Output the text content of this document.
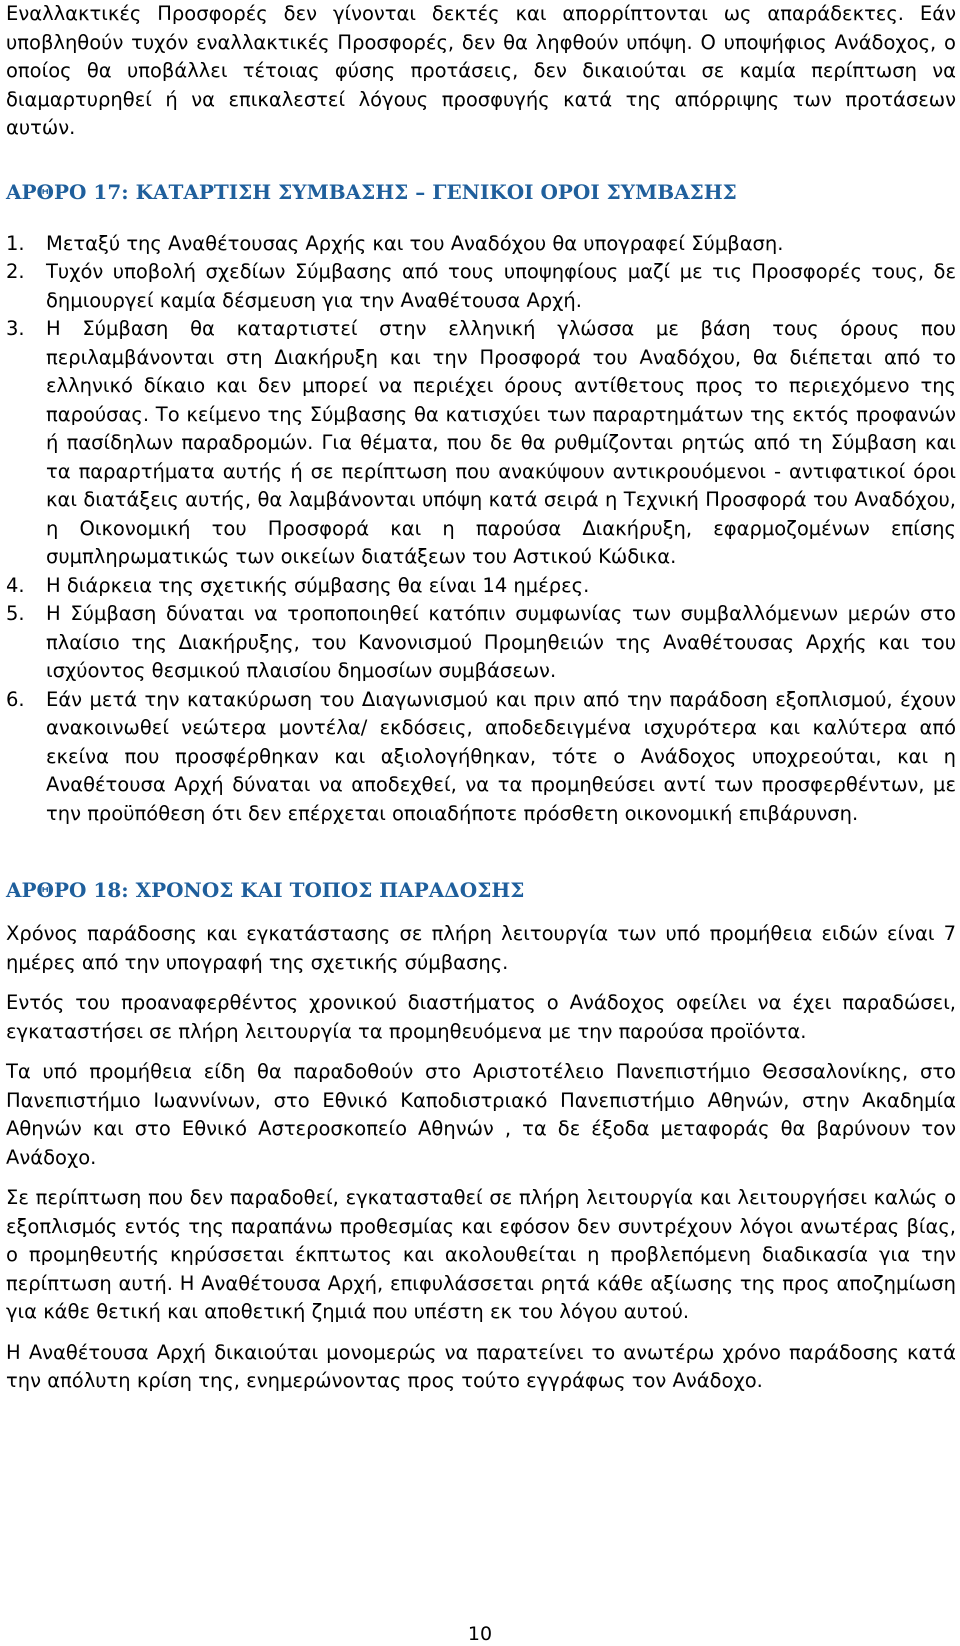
Εναλλακτικές Προσφορές δεν γίνονται δεκτές και απορρίπτονται ως απαράδεκτες. Εάν υποβληθούν τυχόν εναλλακτικές Προσφορές, δεν θα ληφθούν υπόψη. Ο υποψήφιος Ανάδοχος, ο οποίος θα υποβάλλει τέτοιας φύσης προτάσεις, δεν δικαιούται σε καμία περίπτωση να διαμαρτυρηθεί ή να επικαλεστεί λόγους προσφυγής κατά της απόρριψης των προτάσεων αυτών.

ΑΡΘΡΟ 17: ΚΑΤΑΡΤΙΣΗ ΣΥΜΒΑΣΗΣ – ΓΕΝΙΚΟΙ ΟΡΟΙ ΣΥΜΒΑΣΗΣ
1.	Μεταξύ της Αναθέτουσας Αρχής και του Αναδόχου θα υπογραφεί Σύμβαση.
2.	Τυχόν υποβολή σχεδίων Σύμβασης από τους υποψηφίους μαζί με τις Προσφορές τους, δε δημιουργεί καμία δέσμευση για την Αναθέτουσα Αρχή.
3.	Η Σύμβαση θα καταρτιστεί στην ελληνική γλώσσα με βάση τους όρους που περιλαμβάνονται στη Διακήρυξη και την Προσφορά του Αναδόχου, θα διέπεται από το ελληνικό δίκαιο και δεν μπορεί να περιέχει όρους αντίθετους προς το περιεχόμενο της παρούσας. Το κείμενο της Σύμβασης θα κατισχύει των παραρτημάτων της εκτός προφανών ή πασίδηλων παραδρομών. Για θέματα, που δε θα ρυθμίζονται ρητώς από τη Σύμβαση και τα παραρτήματα αυτής ή σε περίπτωση που ανακύψουν αντικρουόμενοι - αντιφατικοί όροι και διατάξεις αυτής, θα λαμβάνονται υπόψη κατά σειρά η Τεχνική Προσφορά του Αναδόχου, η Οικονομική του Προσφορά και η παρούσα Διακήρυξη, εφαρμοζομένων επίσης συμπληρωματικώς των οικείων διατάξεων του Αστικού Κώδικα.
4.	Η διάρκεια της σχετικής σύμβασης θα είναι 14 ημέρες.
5.	Η Σύμβαση δύναται να τροποποιηθεί κατόπιν συμφωνίας των συμβαλλόμενων μερών στο πλαίσιο της Διακήρυξης, του Κανονισμού Προμηθειών της Αναθέτουσας Αρχής και του ισχύοντος θεσμικού πλαισίου δημοσίων συμβάσεων.
6.	Εάν μετά την κατακύρωση του Διαγωνισμού και πριν από την παράδοση εξοπλισμού, έχουν ανακοινωθεί νεώτερα μοντέλα/ εκδόσεις, αποδεδειγμένα ισχυρότερα και καλύτερα από εκείνα που προσφέρθηκαν και αξιολογήθηκαν, τότε ο Ανάδοχος υποχρεούται, και η Αναθέτουσα Αρχή δύναται να αποδεχθεί, να τα προμηθεύσει αντί των προσφερθέντων, με την προϋπόθεση ότι δεν επέρχεται οποιαδήποτε πρόσθετη οικονομική επιβάρυνση.
ΑΡΘΡΟ 18: ΧΡΟΝΟΣ ΚΑΙ ΤΟΠΟΣ ΠΑΡΑΔΟΣΗΣ

Χρόνος παράδοσης και εγκατάστασης σε πλήρη λειτουργία των υπό προμήθεια ειδών είναι 7 ημέρες από την υπογραφή της σχετικής σύμβασης.

Εντός του προαναφερθέντος χρονικού διαστήματος ο Ανάδοχος οφείλει να έχει παραδώσει, εγκαταστήσει σε πλήρη λειτουργία τα προμηθευόμενα με την παρούσα προϊόντα.

Τα υπό προμήθεια είδη θα παραδοθούν στο Αριστοτέλειο Πανεπιστήμιο Θεσσαλονίκης, στο Πανεπιστήμιο Ιωαννίνων, στο Εθνικό Καποδιστριακό Πανεπιστήμιο Αθηνών, στην Ακαδημία Αθηνών και στο Εθνικό Αστεροσκοπείο Αθηνών , τα δε έξοδα μεταφοράς θα βαρύνουν τον Ανάδοχο.

Σε περίπτωση που δεν παραδοθεί, εγκατασταθεί σε πλήρη λειτουργία και λειτουργήσει καλώς ο εξοπλισμός εντός της παραπάνω προθεσμίας και εφόσον δεν συντρέχουν λόγοι ανωτέρας βίας, ο προμηθευτής κηρύσσεται έκπτωτος και ακολουθείται η προβλεπόμενη διαδικασία για την περίπτωση αυτή. Η Αναθέτουσα Αρχή, επιφυλάσσεται ρητά κάθε αξίωσης της προς αποζημίωση για κάθε θετική και αποθετική ζημιά που υπέστη εκ του λόγου αυτού.

Η Αναθέτουσα Αρχή δικαιούται μονομερώς να παρατείνει το ανωτέρω χρόνο παράδοσης κατά την απόλυτη κρίση της, ενημερώνοντας προς τούτο εγγράφως τον Ανάδοχο.

10
